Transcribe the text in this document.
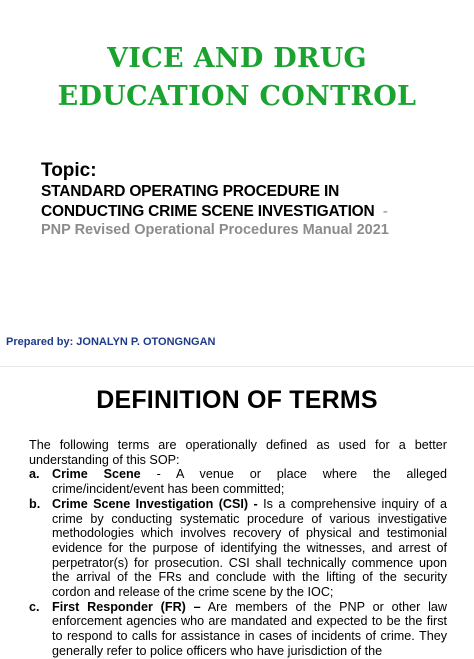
VICE AND DRUG
EDUCATION CONTROL
Topic:
STANDARD OPERATING PROCEDURE IN
CONDUCTING CRIME SCENE INVESTIGATION -
PNP Revised Operational Procedures Manual 2021
Prepared by: JONALYN P. OTONGNGAN
DEFINITION OF TERMS

The following terms are operationally defined as used for a better understanding of this SOP:

a. Crime Scene - A venue or place where the alleged crime/incident/event has been committed;

b. Crime Scene Investigation (CSI) - Is a comprehensive inquiry of a crime by conducting systematic procedure of various investigative methodologies which involves recovery of physical and testimonial evidence for the purpose of identifying the witnesses, and arrest of perpetrator(s) for prosecution. CSI shall technically commence upon the arrival of the FRs and conclude with the lifting of the security cordon and release of the crime scene by the IOC;

c. First Responder (FR) – Are members of the PNP or other law enforcement agencies who are mandated and expected to be the first to respond to calls for assistance in cases of incidents of crime. They generally refer to police officers who have jurisdiction of the
